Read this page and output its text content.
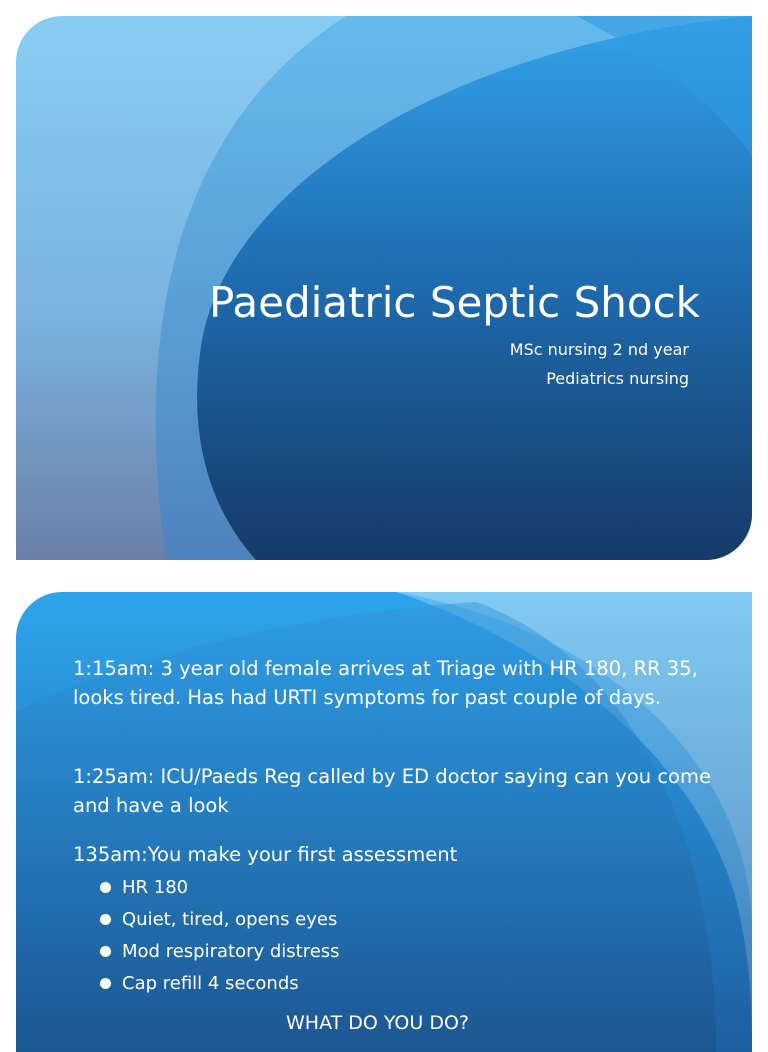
Paediatric Septic Shock
MSc nursing 2 nd year
Pediatrics nursing
1:15am: 3 year old female arrives at Triage with HR 180, RR 35, looks tired. Has had URTI symptoms for past couple of days.
1:25am: ICU/Paeds Reg called by ED doctor saying can you come and have a look
135am:You make your first assessment
HR 180
Quiet, tired, opens eyes
Mod respiratory distress
Cap refill 4 seconds
WHAT DO YOU DO?
